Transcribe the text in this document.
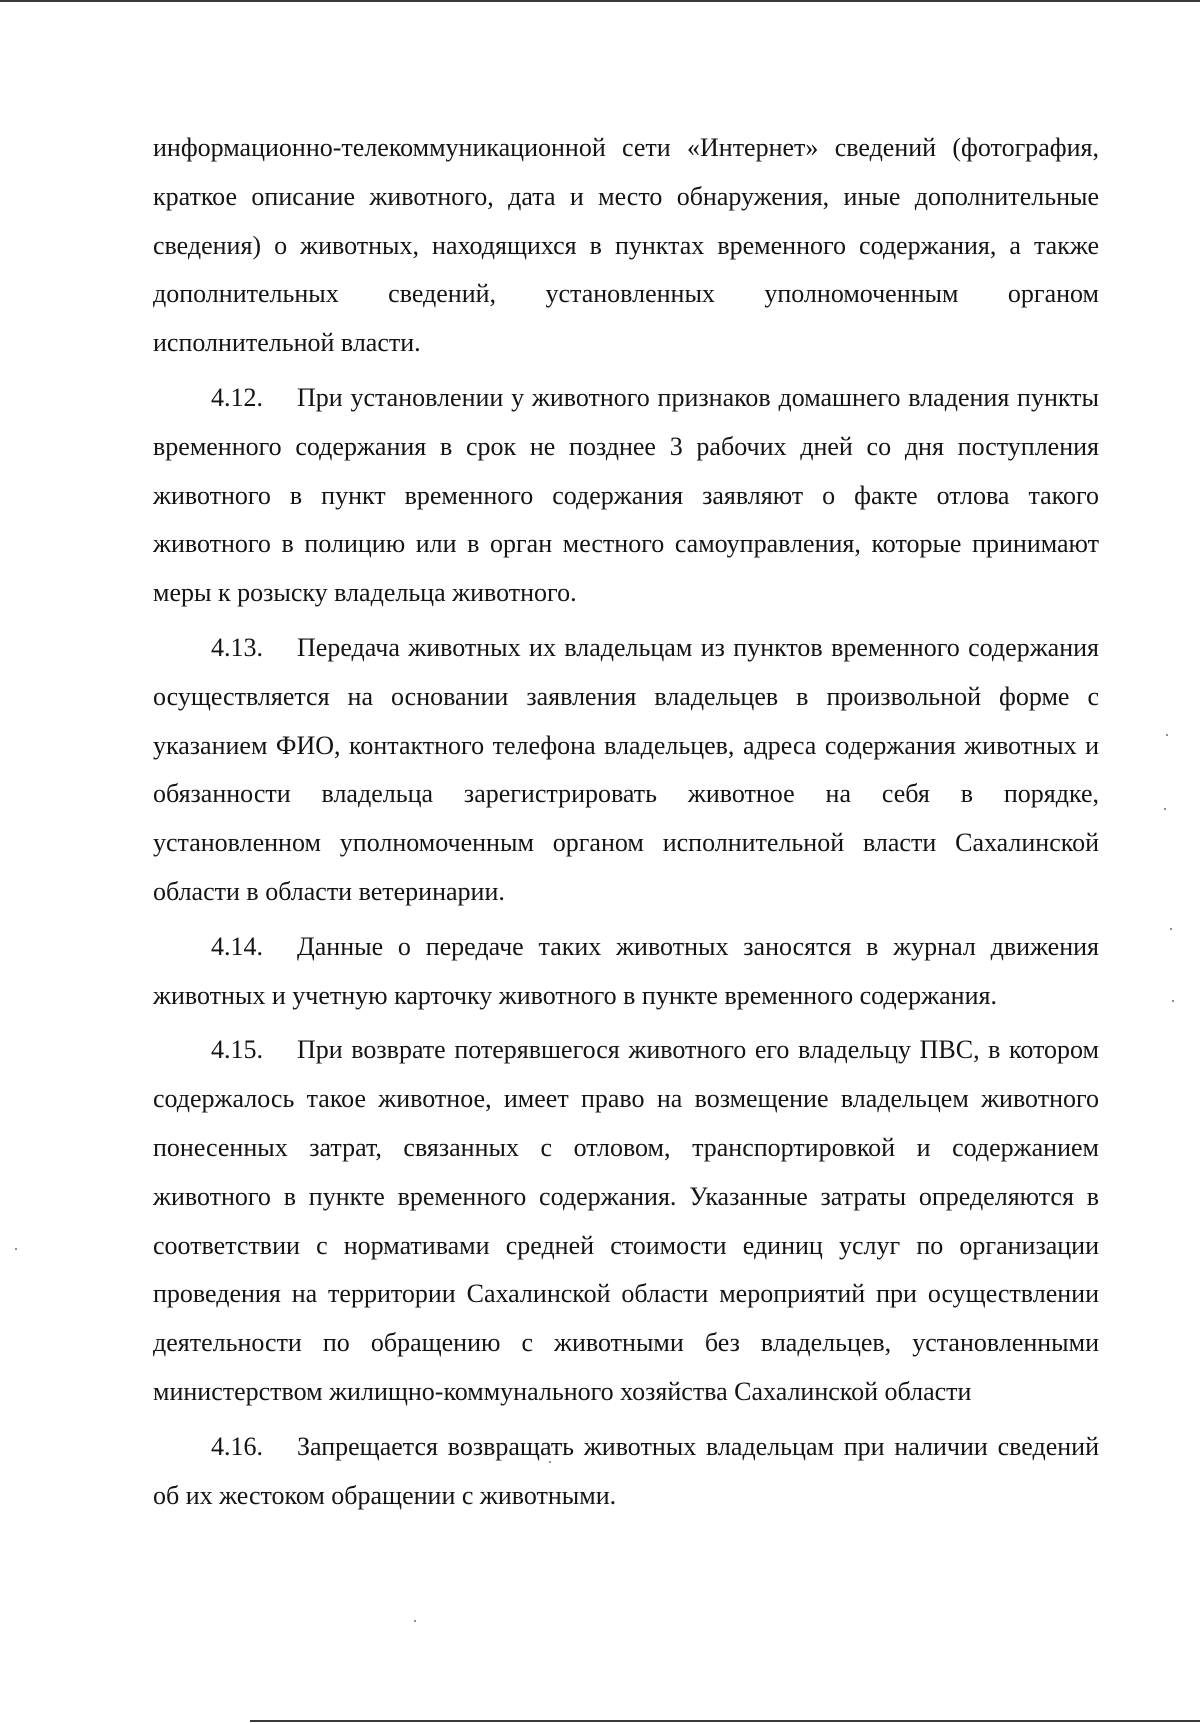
информационно-телекоммуникационной сети «Интернет» сведений (фотография, краткое описание животного, дата и место обнаружения, иные дополнительные сведения) о животных, находящихся в пунктах временного содержания, а также дополнительных сведений, установленных уполномоченным органом исполнительной власти.

4.12. При установлении у животного признаков домашнего владения пункты временного содержания в срок не позднее 3 рабочих дней со дня поступления животного в пункт временного содержания заявляют о факте отлова такого животного в полицию или в орган местного самоуправления, которые принимают меры к розыску владельца животного.

4.13. Передача животных их владельцам из пунктов временного содержания осуществляется на основании заявления владельцев в произвольной форме с указанием ФИО, контактного телефона владельцев, адреса содержания животных и обязанности владельца зарегистрировать животное на себя в порядке, установленном уполномоченным органом исполнительной власти Сахалинской области в области ветеринарии.

4.14. Данные о передаче таких животных заносятся в журнал движения животных и учетную карточку животного в пункте временного содержания.

4.15. При возврате потерявшегося животного его владельцу ПВС, в котором содержалось такое животное, имеет право на возмещение владельцем животного понесенных затрат, связанных с отловом, транспортировкой и содержанием животного в пункте временного содержания. Указанные затраты определяются в соответствии с нормативами средней стоимости единиц услуг по организации проведения на территории Сахалинской области мероприятий при осуществлении деятельности по обращению с животными без владельцев, установленными министерством жилищно-коммунального хозяйства Сахалинской области

4.16. Запрещается возвращать животных владельцам при наличии сведений об их жестоком обращении с животными.
